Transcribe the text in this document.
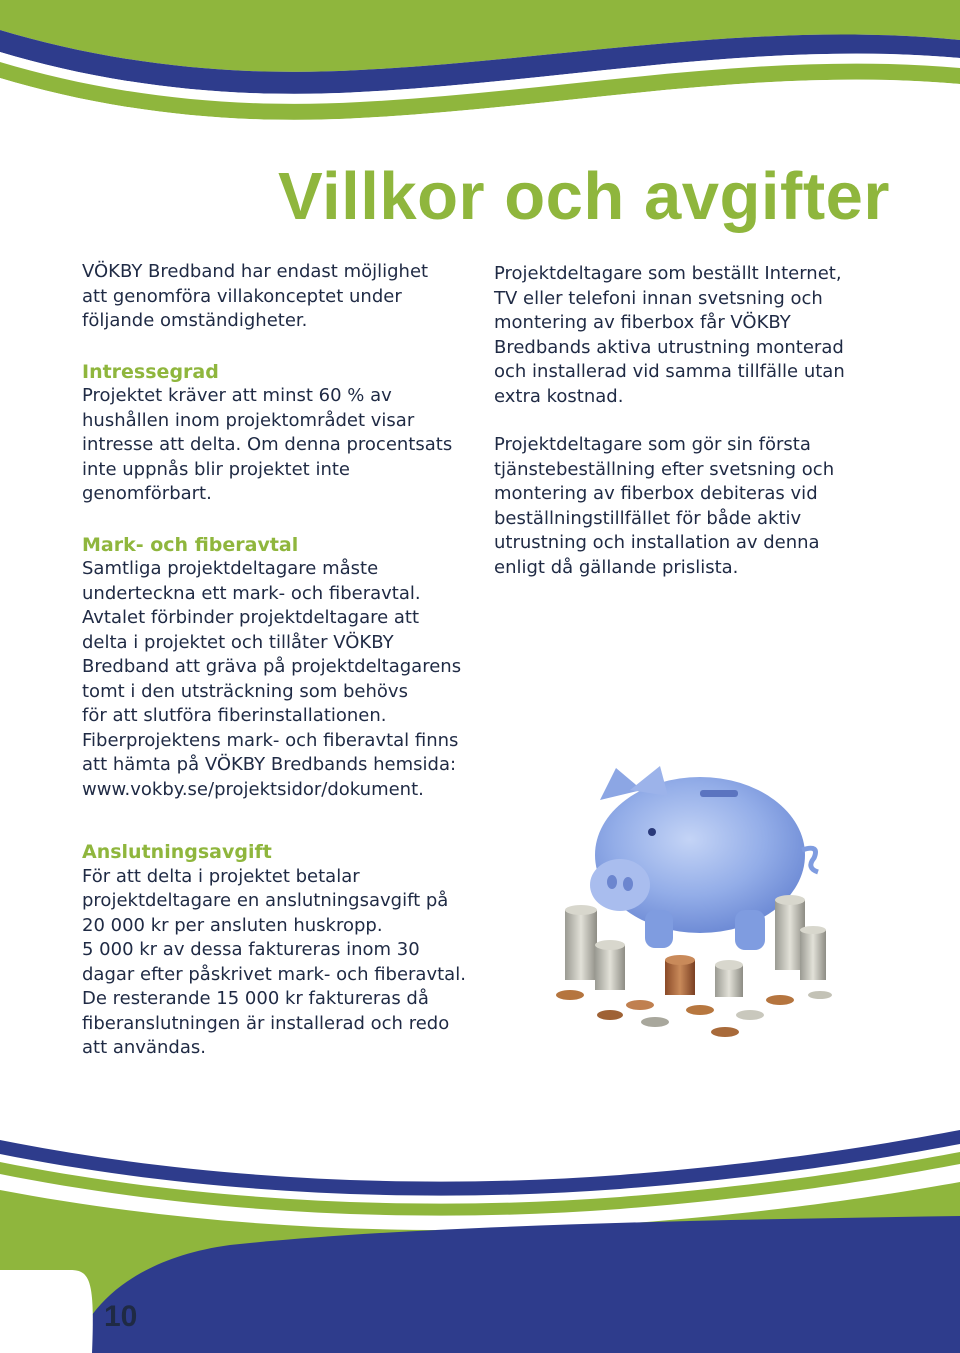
Villkor och avgifter

VÖKBY Bredband har endast möjlighet

att genomföra villakonceptet under

följande omständigheter.

Intressegrad

Projektet kräver att minst 60 % av

hushållen inom projektområdet visar

intresse att delta. Om denna procentsats

inte uppnås blir projektet inte

genomförbart.

Mark- och fiberavtal

Samtliga projektdeltagare måste

underteckna ett mark- och fiberavtal.

Avtalet förbinder projektdeltagare att

delta i projektet och tillåter VÖKBY

Bredband att gräva på projektdeltagarens

tomt i den utsträckning som behövs

för att slutföra fiberinstallationen.

Fiberprojektens mark- och fiberavtal finns

att hämta på VÖKBY Bredbands hemsida:

www.vokby.se/projektsidor/dokument.

Anslutningsavgift

För att delta i projektet betalar

projektdeltagare en anslutningsavgift på

20 000 kr per ansluten huskropp.

5 000 kr av dessa faktureras inom 30

dagar efter påskrivet mark- och fiberavtal.

De resterande 15 000 kr faktureras då

fiberanslutningen är installerad och redo

att användas.

Projektdeltagare som beställt Internet,

TV eller telefoni innan svetsning och

montering av fiberbox får VÖKBY

Bredbands aktiva utrustning monterad

och installerad vid samma tillfälle utan

extra kostnad.

Projektdeltagare som gör sin första

tjänstebeställning efter svetsning och

montering av fiberbox debiteras vid

beställningstillfället för både aktiv

utrustning och installation av denna

enligt då gällande prislista.

10
